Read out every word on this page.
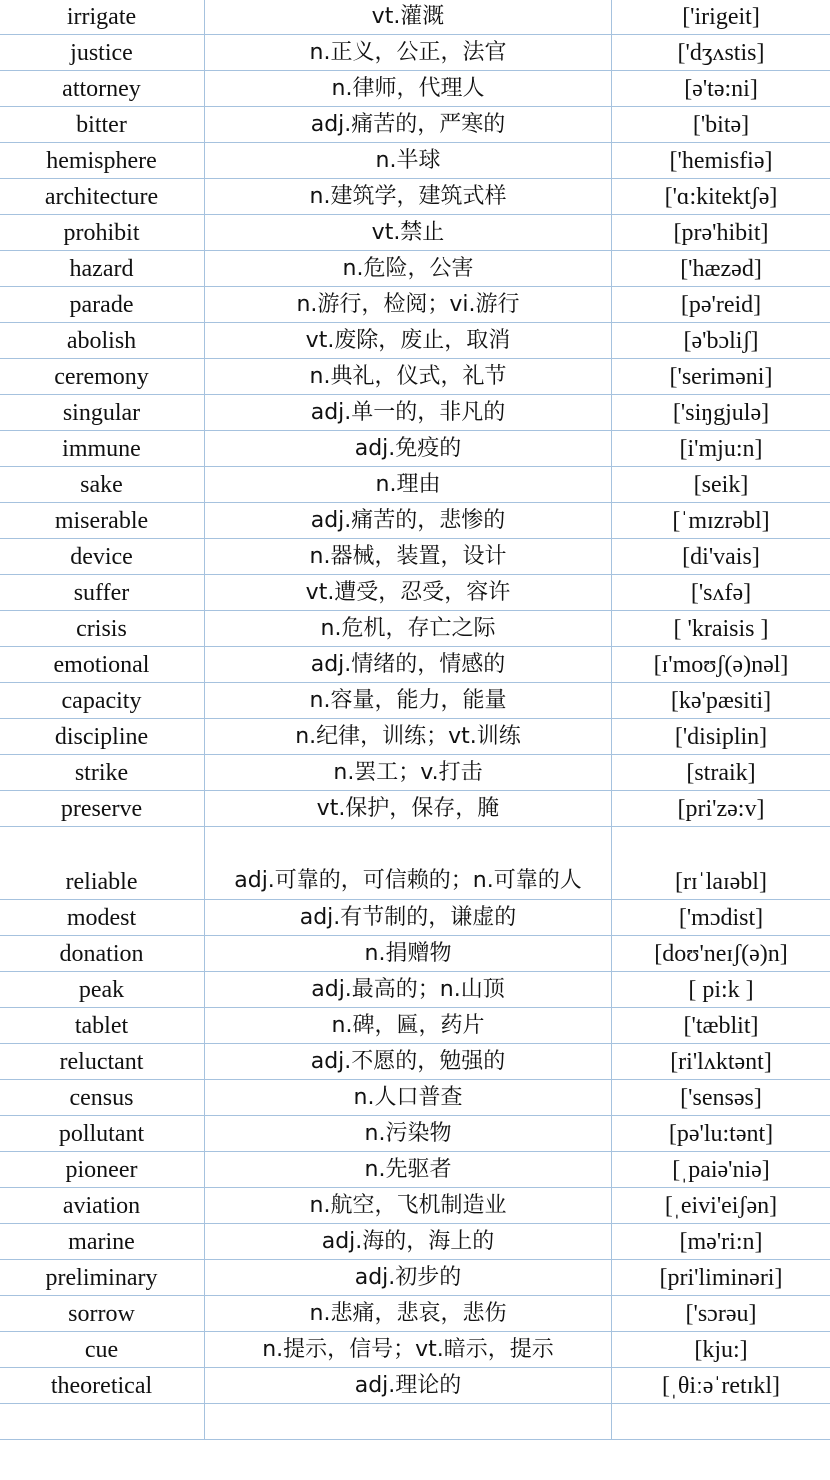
irrigate	vt.灌溉	['irigeit]
justice	n.正义，公正，法官	['dʒʌstis]
attorney	n.律师，代理人	[ə'tə:ni]
bitter	adj.痛苦的，严寒的	['bitə]
hemisphere	n.半球	['hemisfiə]
architecture	n.建筑学，建筑式样	['ɑ:kitektʃə]
prohibit	vt.禁止	[prə'hibit]
hazard	n.危险，公害	['hæzəd]
parade	n.游行，检阅；vi.游行	[pə'reid]
abolish	vt.废除，废止，取消	[ə'bɔliʃ]
ceremony	n.典礼，仪式，礼节	['seriməni]
singular	adj.单一的，非凡的	['siŋgjulə]
immune	adj.免疫的	[i'mju:n]
sake	n.理由	[seik]
miserable	adj.痛苦的，悲惨的	[ˈmɪzrəbl]
device	n.器械，装置，设计	[di'vais]
suffer	vt.遭受，忍受，容许	['sʌfə]
crisis	n.危机，存亡之际	[ 'kraisis ]
emotional	adj.情绪的，情感的	[ɪ'moʊʃ(ə)nəl]
capacity	n.容量，能力，能量	[kə'pæsiti]
discipline	n.纪律，训练；vt.训练	['disiplin]
strike	n.罢工；v.打击	[straik]
preserve	vt.保护，保存，腌	[pri'zə:v]
reliable	adj.可靠的，可信赖的；n.可靠的人	[rɪˈlaɪəbl]
modest	adj.有节制的，谦虚的	['mɔdist]
donation	n.捐赠物	[doʊ'neɪʃ(ə)n]
peak	adj.最高的；n.山顶	[ pi:k ]
tablet	n.碑，匾，药片	['tæblit]
reluctant	adj.不愿的，勉强的	[ri'lʌktənt]
census	n.人口普查	['sensəs]
pollutant	n.污染物	[pə'lu:tənt]
pioneer	n.先驱者	[ˌpaiə'niə]
aviation	n.航空，飞机制造业	[ˌeivi'eiʃən]
marine	adj.海的，海上的	[mə'ri:n]
preliminary	adj.初步的	[pri'liminəri]
sorrow	n.悲痛，悲哀，悲伤	['sɔrəu]
cue	n.提示，信号；vt.暗示，提示	[kju:]
theoretical	adj.理论的	[ˌθiːəˈretɪkl]
